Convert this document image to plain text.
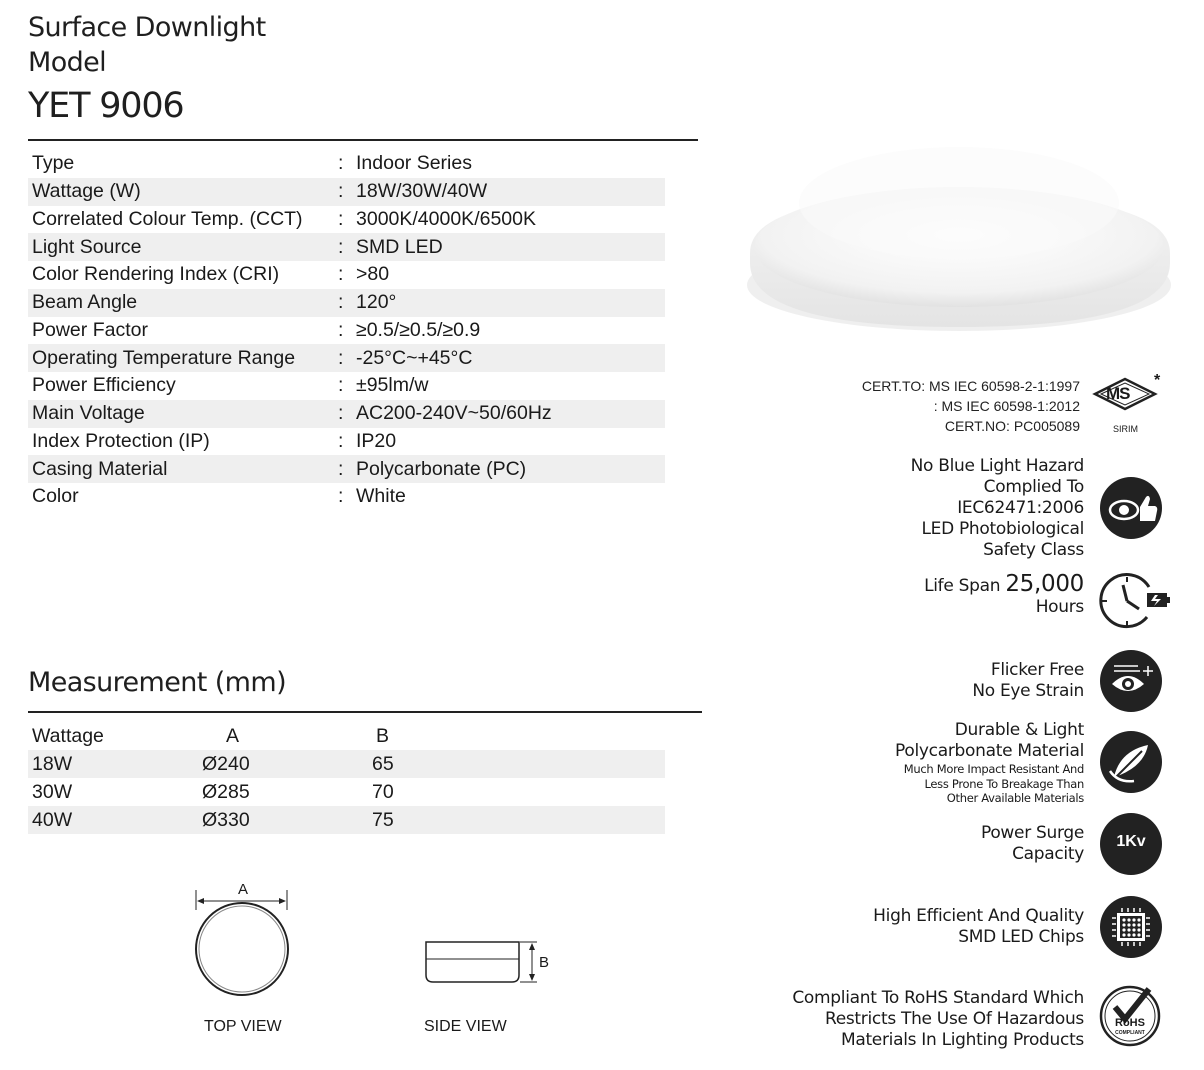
Surface Downlight
Model
YET 9006
Type	: Indoor Series
Wattage (W)	: 18W/30W/40W
Correlated Colour Temp. (CCT)	: 3000K/4000K/6500K
Light Source	: SMD LED
Color Rendering Index (CRI)	: >80
Beam Angle	: 120°
Power Factor	: ≥0.5/≥0.5/≥0.9
Operating Temperature Range	: -25°C~+45°C
Power Efficiency	: ±95lm/w
Main Voltage	: AC200-240V~50/60Hz
Index Protection (IP)	: IP20
Casing Material	: Polycarbonate (PC)
Color	: White
Measurement (mm)
Wattage	A	B
18W	Ø240	65
30W	Ø285	70
40W	Ø330	75
A
B
TOP VIEW	SIDE VIEW
CERT.TO: MS IEC 60598-2-1:1997
: MS IEC 60598-1:2012
CERT.NO: PC005089
MS
*
SIRIM
No Blue Light Hazard
Complied To
IEC62471:2006
LED Photobiological
Safety Class
Life Span 25,000
Hours
Flicker Free
No Eye Strain
Durable & Light
Polycarbonate Material
Much More Impact Resistant And
Less Prone To Breakage Than
Other Available Materials
Power Surge
Capacity
1Kv
High Efficient And Quality
SMD LED Chips
Compliant To RoHS Standard Which
Restricts The Use Of Hazardous
Materials In Lighting Products
RoHS
COMPLIANT
